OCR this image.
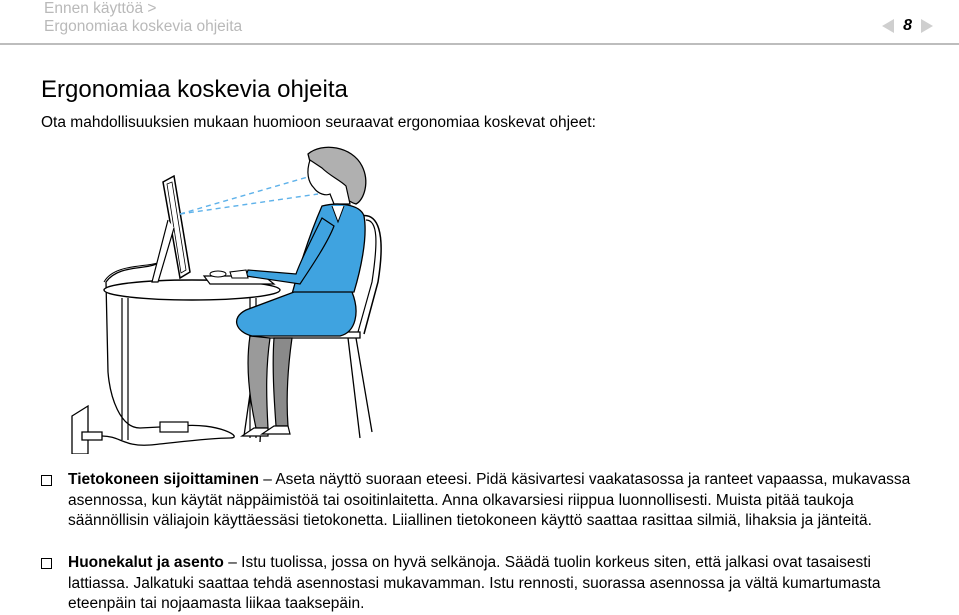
Ennen käyttöä >
Ergonomiaa koskevia ohjeita	8
Ergonomiaa koskevia ohjeita
Ota mahdollisuuksien mukaan huomioon seuraavat ergonomiaa koskevat ohjeet:
Tietokoneen sijoittaminen – Aseta näyttö suoraan eteesi. Pidä käsivartesi vaakatasossa ja ranteet vapaassa, mukavassa asennossa, kun käytät näppäimistöä tai osoitinlaitetta. Anna olkavarsiesi riippua luonnollisesti. Muista pitää taukoja säännöllisin väliajoin käyttäessäsi tietokonetta. Liiallinen tietokoneen käyttö saattaa rasittaa silmiä, lihaksia ja jänteitä.
Huonekalut ja asento – Istu tuolissa, jossa on hyvä selkänoja. Säädä tuolin korkeus siten, että jalkasi ovat tasaisesti lattiassa. Jalkatuki saattaa tehdä asennostasi mukavamman. Istu rennosti, suorassa asennossa ja vältä kumartumasta eteenpäin tai nojaamasta liikaa taaksepäin.
